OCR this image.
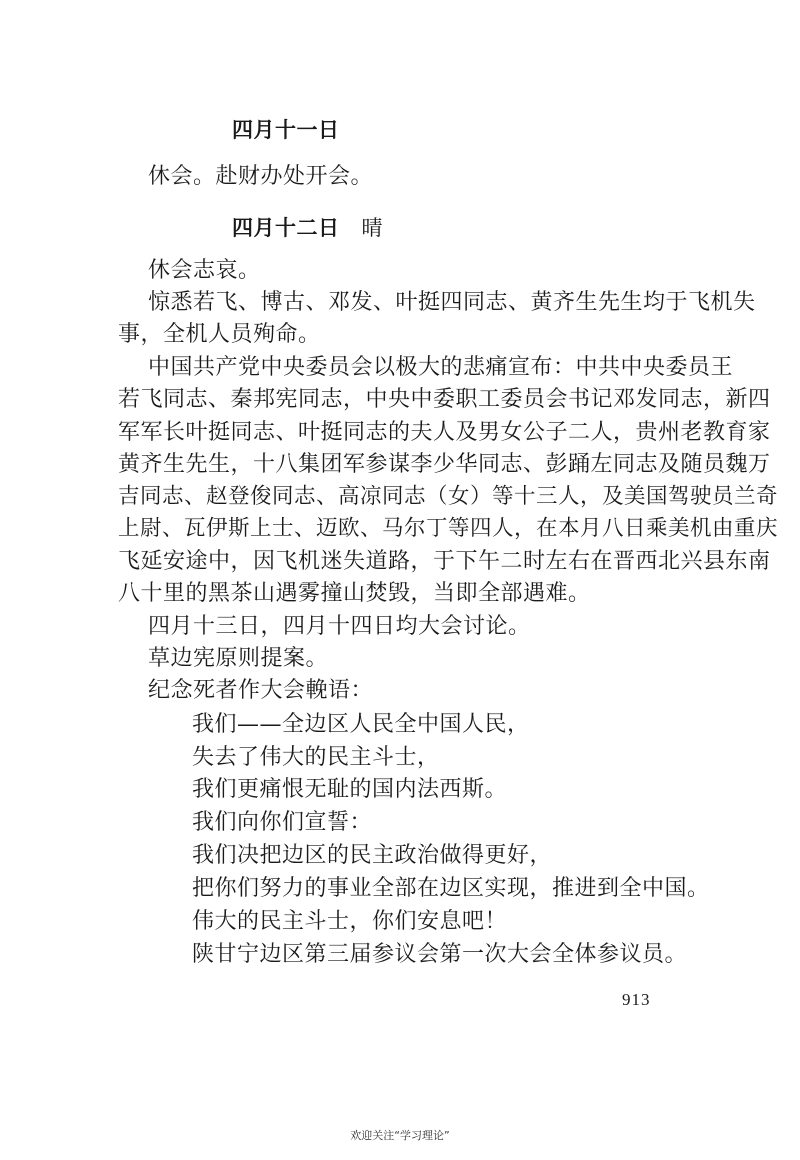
四月十一日
休会。赴财办处开会。
四月十二日 晴
休会志哀。
惊悉若飞、博古、邓发、叶挺四同志、黄齐生先生均于飞机失
事，全机人员殉命。
中国共产党中央委员会以极大的悲痛宣布：中共中央委员王
若飞同志、秦邦宪同志，中央中委职工委员会书记邓发同志，新四
军军长叶挺同志、叶挺同志的夫人及男女公子二人，贵州老教育家
黄齐生先生，十八集团军参谋李少华同志、彭踊左同志及随员魏万
吉同志、赵登俊同志、高凉同志（女）等十三人，及美国驾驶员兰奇
上尉、瓦伊斯上士、迈欧、马尔丁等四人，在本月八日乘美机由重庆
飞延安途中，因飞机迷失道路，于下午二时左右在晋西北兴县东南
八十里的黑茶山遇雾撞山焚毁，当即全部遇难。
四月十三日，四月十四日均大会讨论。
草边宪原则提案。
纪念死者作大会輓语：
我们——全边区人民全中国人民，
失去了伟大的民主斗士，
我们更痛恨无耻的国内法西斯。
我们向你们宣誓：
我们决把边区的民主政治做得更好，
把你们努力的事业全部在边区实现，推进到全中国。
伟大的民主斗士，你们安息吧！
陕甘宁边区第三届参议会第一次大会全体参议员。
913
欢迎关注“学习理论”
